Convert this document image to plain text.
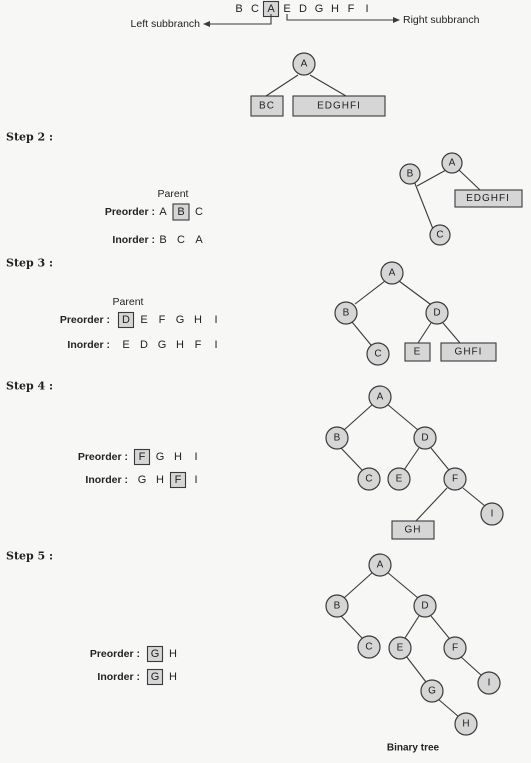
B C A E D G H F I
Left subbranch	Right subbranch
A
BC	EDGHFI
Step 2 :
Parent
Preorder : A B C
Inorder : B C A
A
B
C
EDGHFI
Step 3 :
Parent
Preorder : D E F G H I
Inorder : E D G H F I
A
B	D
C	E	GHFI
Step 4 :
Preorder : F G H I
Inorder : G H F I
A
B	D
C E	F
I
GH
Step 5 :
Preorder : G H
Inorder : G H
A
B	D
C E	F
G
I
H
Binary tree
